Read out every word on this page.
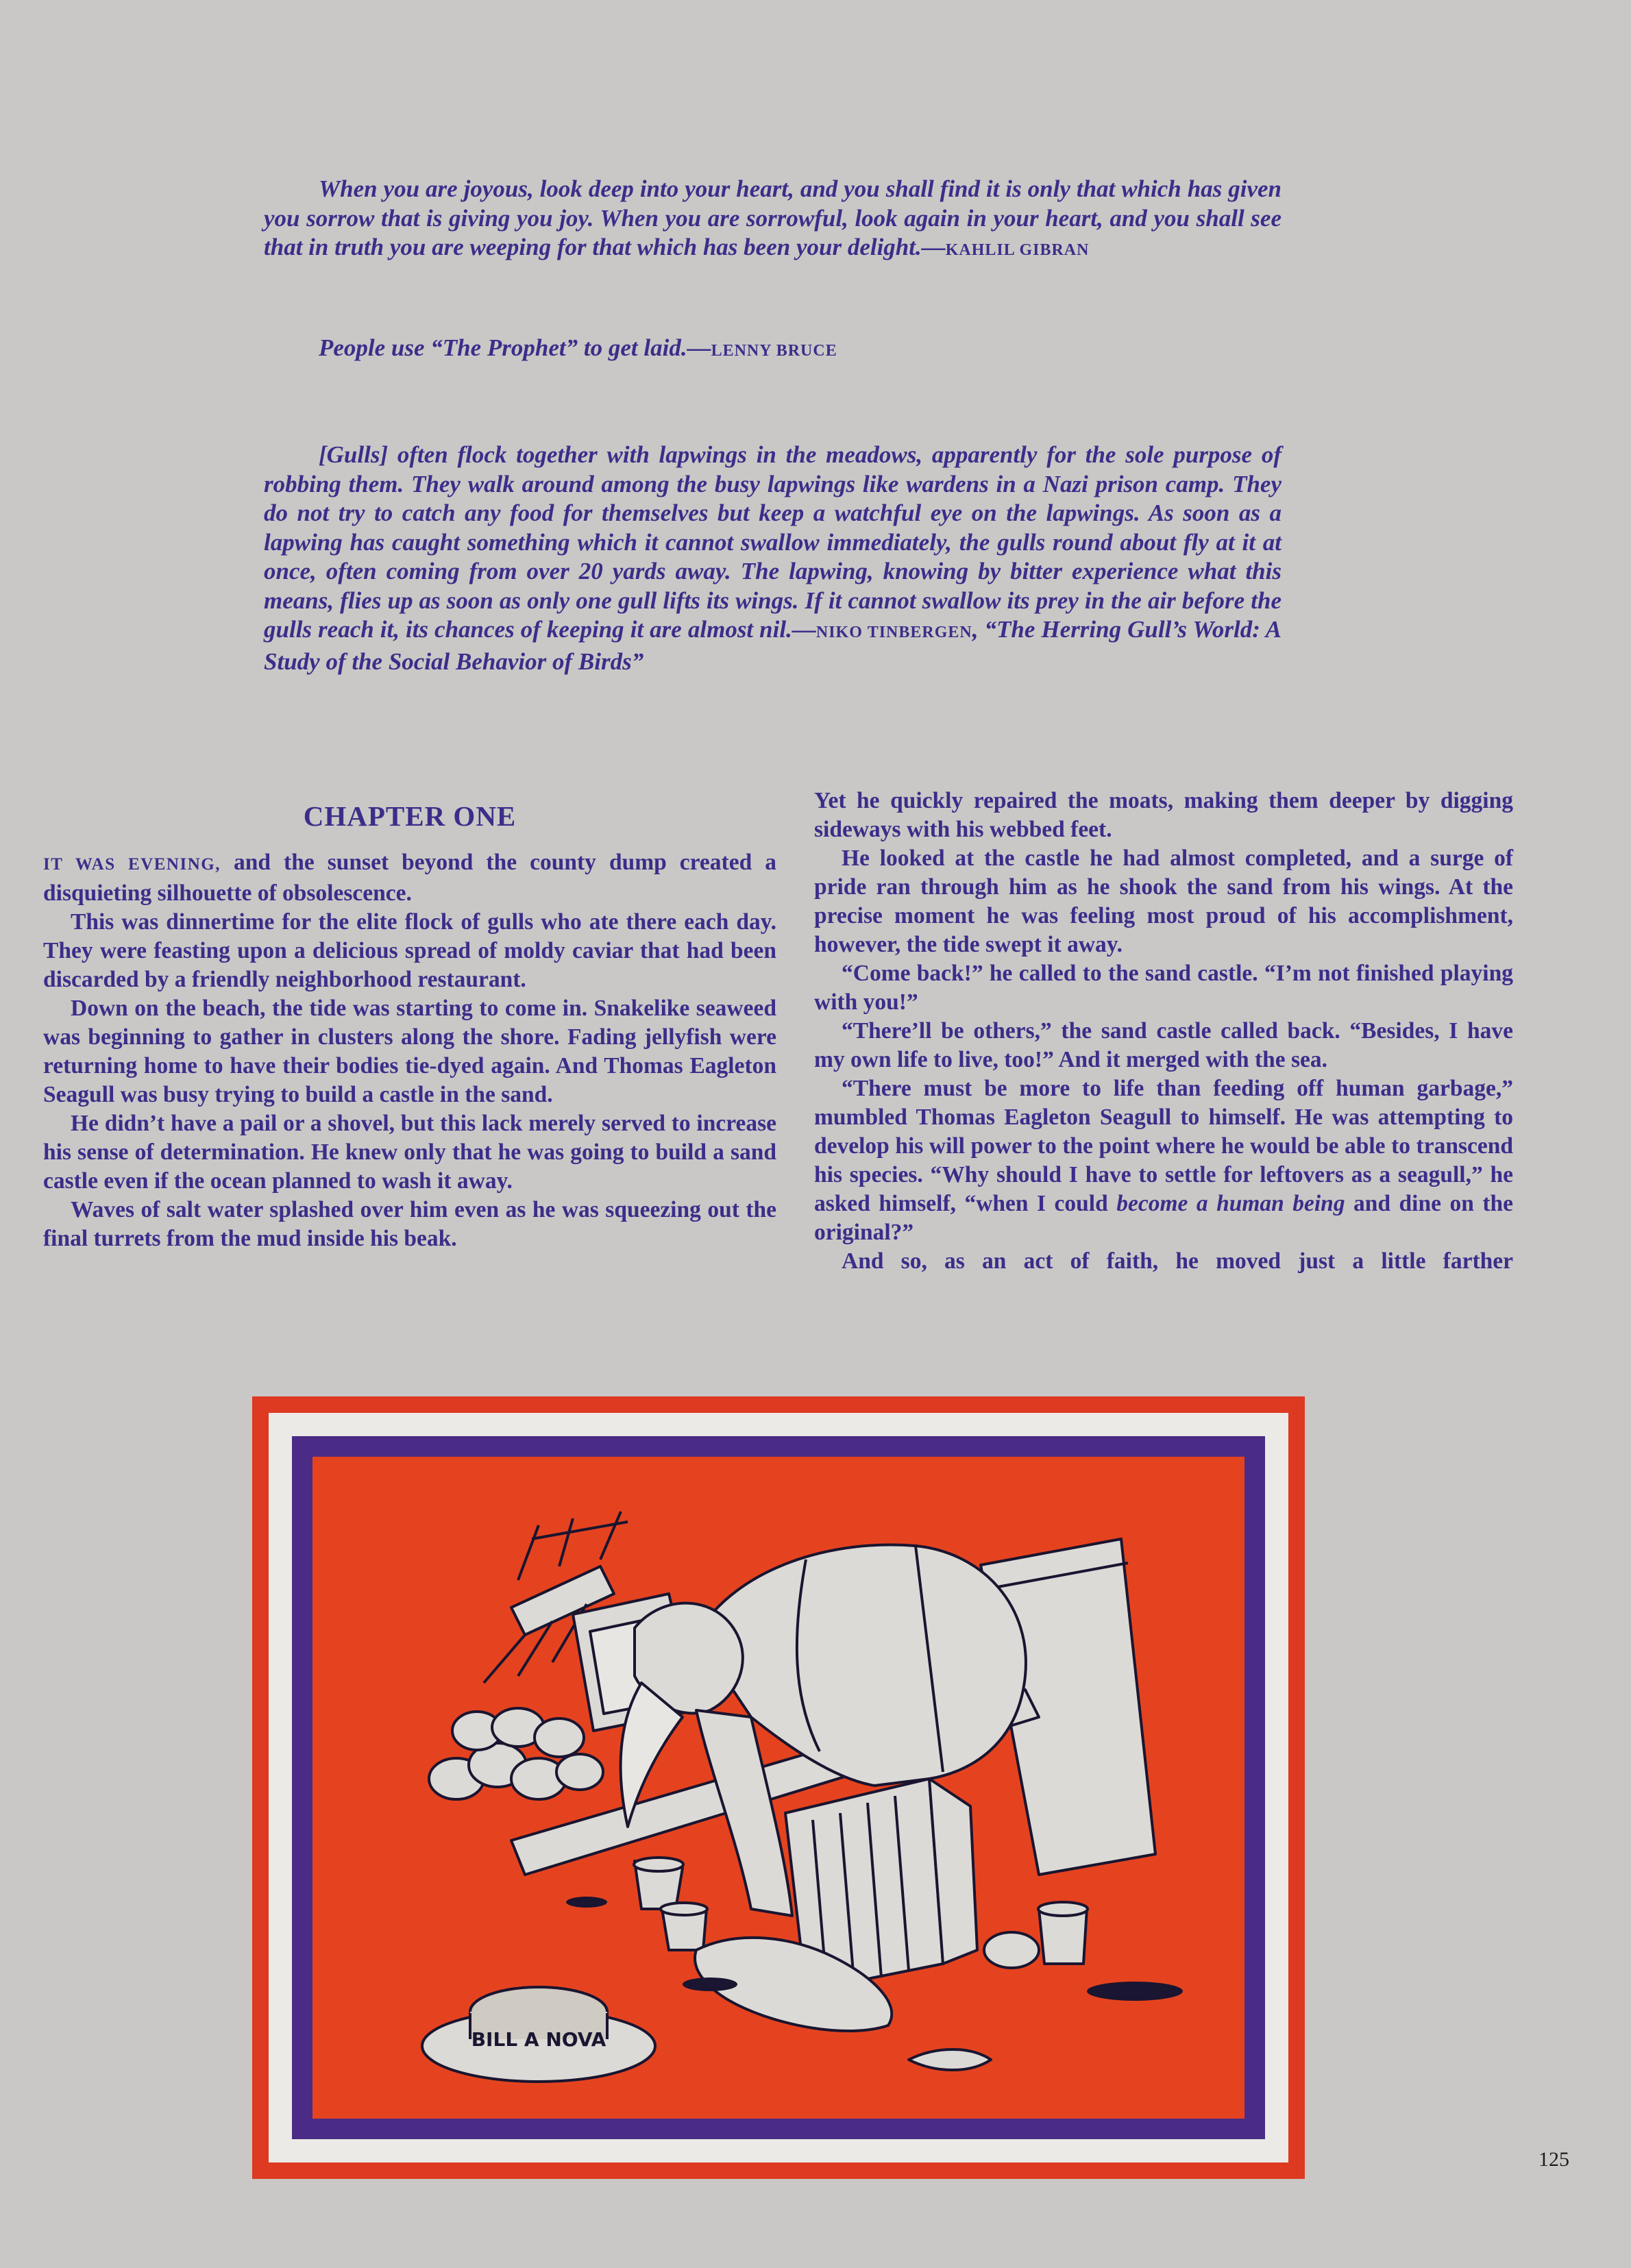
When you are joyous, look deep into your heart, and you shall find it is only that which has given you sorrow that is giving you joy. When you are sorrowful, look again in your heart, and you shall see that in truth you are weeping for that which has been your delight.—KAHLIL GIBRAN

People use “The Prophet” to get laid.—LENNY BRUCE

[Gulls] often flock together with lapwings in the meadows, apparently for the sole purpose of robbing them. They walk around among the busy lapwings like wardens in a Nazi prison camp. They do not try to catch any food for themselves but keep a watchful eye on the lapwings. As soon as a lapwing has caught something which it cannot swallow immediately, the gulls round about fly at it at once, often coming from over 20 yards away. The lapwing, knowing by bitter experience what this means, flies up as soon as only one gull lifts its wings. If it cannot swallow its prey in the air before the gulls reach it, its chances of keeping it are almost nil.—NIKO TINBERGEN, “The Herring Gull’s World: A Study of the Social Behavior of Birds”

CHAPTER ONE

IT WAS EVENING, and the sunset beyond the county dump created a disquieting silhouette of obsolescence.

This was dinnertime for the elite flock of gulls who ate there each day. They were feasting upon a delicious spread of moldy caviar that had been discarded by a friendly neighborhood restaurant.

Down on the beach, the tide was starting to come in. Snakelike seaweed was beginning to gather in clusters along the shore. Fading jellyfish were returning home to have their bodies tie-dyed again. And Thomas Eagleton Seagull was busy trying to build a castle in the sand.

He didn’t have a pail or a shovel, but this lack merely served to increase his sense of determination. He knew only that he was going to build a sand castle even if the ocean planned to wash it away.

Waves of salt water splashed over him even as he was squeezing out the final turrets from the mud inside his beak.

Yet he quickly repaired the moats, making them deeper by digging sideways with his webbed feet.

He looked at the castle he had almost completed, and a surge of pride ran through him as he shook the sand from his wings. At the precise moment he was feeling most proud of his accomplishment, however, the tide swept it away.

“Come back!” he called to the sand castle. “I’m not finished playing with you!”

“There’ll be others,” the sand castle called back. “Besides, I have my own life to live, too!” And it merged with the sea.

“There must be more to life than feeding off human garbage,” mumbled Thomas Eagleton Seagull to himself. He was attempting to develop his will power to the point where he would be able to transcend his species. “Why should I have to settle for leftovers as a seagull,” he asked himself, “when I could become a human being and dine on the original?”

And so, as an act of faith, he moved just a little farther

BILL A NOVA
125
